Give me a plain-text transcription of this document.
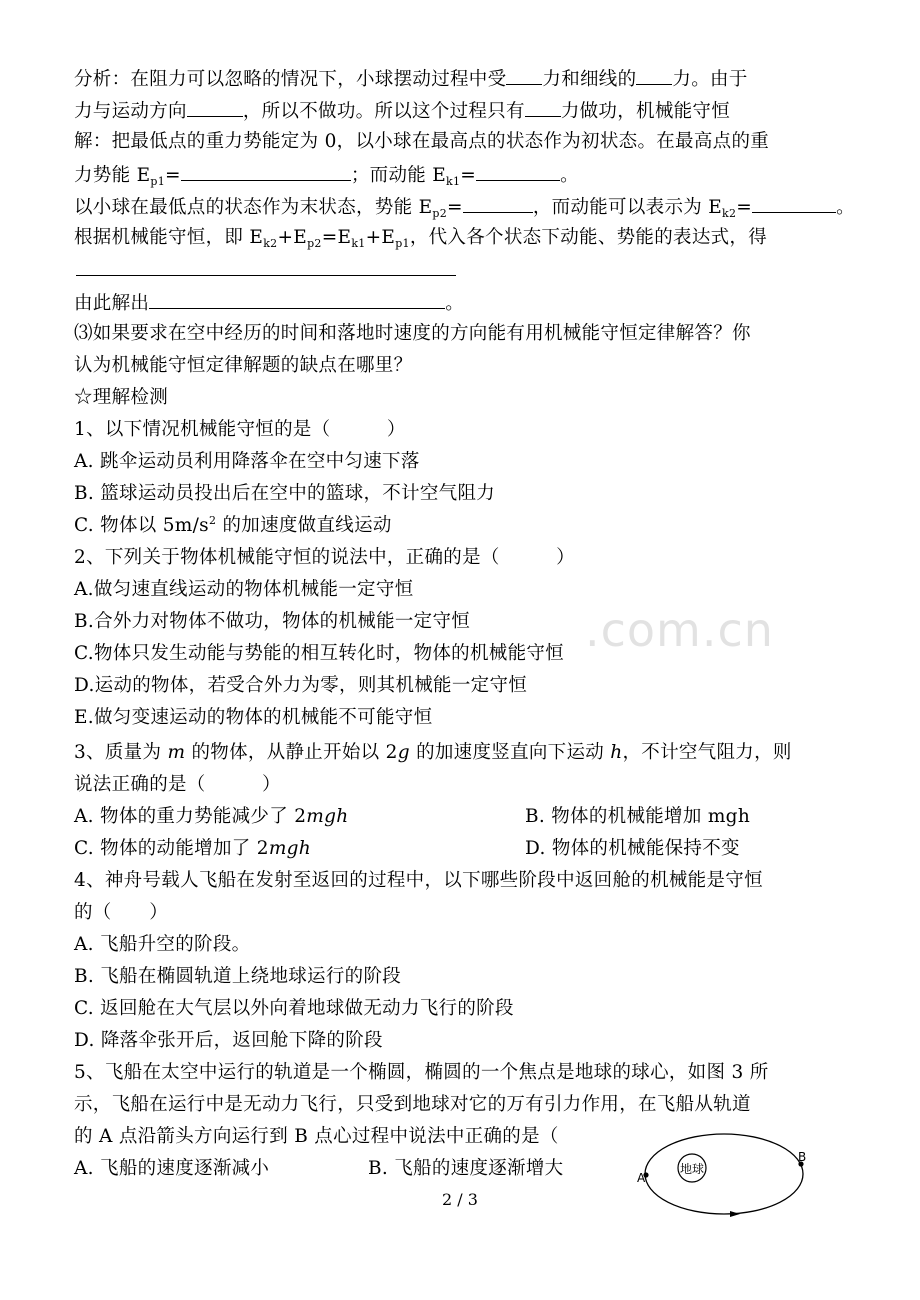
.com.cn
分析：在阻力可以忽略的情况下，小球摆动过程中受 力和细线的 力。由于
力与运动方向	，所以不做功。所以这个过程只有 力做功，机械能守恒
解：把最低点的重力势能定为 0，以小球在最高点的状态作为初状态。在最高点的重
力势能 $E_{p1}=$	；而动能 $E_{k1}=$	。
以小球在最低点的状态作为末状态，势能 $E_{p2}=$	，而动能可以表示为 $E_{k2}=$	。
根据机械能守恒，即 $E_{k2}+E_{p2}=E_{k1}+E_{p1}$，代入各个状态下动能、势能的表达式，得
由此解出	。
⑶如果要求在空中经历的时间和落地时速度的方向能有用机械能守恒定律解答？你
认为机械能守恒定律解题的缺点在哪里？
☆理解检测
1、以下情况机械能守恒的是（　　　）
A. 跳伞运动员利用降落伞在空中匀速下落
B. 篮球运动员投出后在空中的篮球，不计空气阻力
C. 物体以 $5m/s^2$ 的加速度做直线运动
2、下列关于物体机械能守恒的说法中，正确的是（　　　）
A.做匀速直线运动的物体机械能一定守恒
B.合外力对物体不做功，物体的机械能一定守恒
C.物体只发生动能与势能的相互转化时，物体的机械能守恒
D.运动的物体，若受合外力为零，则其机械能一定守恒
E.做匀变速运动的物体的机械能不可能守恒
3、质量为 m 的物体，从静止开始以 2g 的加速度竖直向下运动 h，不计空气阻力，则
说法正确的是（　　　）
A. 物体的重力势能减少了 2mgh	B. 物体的机械能增加 mgh
C. 物体的动能增加了 2mgh	D. 物体的机械能保持不变
4、神舟号载人飞船在发射至返回的过程中，以下哪些阶段中返回舱的机械能是守恒
的（　　）
A. 飞船升空的阶段。
B. 飞船在椭圆轨道上绕地球运行的阶段
C. 返回舱在大气层以外向着地球做无动力飞行的阶段
D. 降落伞张开后，返回舱下降的阶段
5、飞船在太空中运行的轨道是一个椭圆，椭圆的一个焦点是地球的球心，如图 3 所
示，飞船在运行中是无动力飞行，只受到地球对它的万有引力作用，在飞船从轨道
的 A 点沿箭头方向运行到 B 点心过程中说法中正确的是（
A. 飞船的速度逐渐减小	B. 飞船的速度逐渐增大	地球
A
B
2 / 3
